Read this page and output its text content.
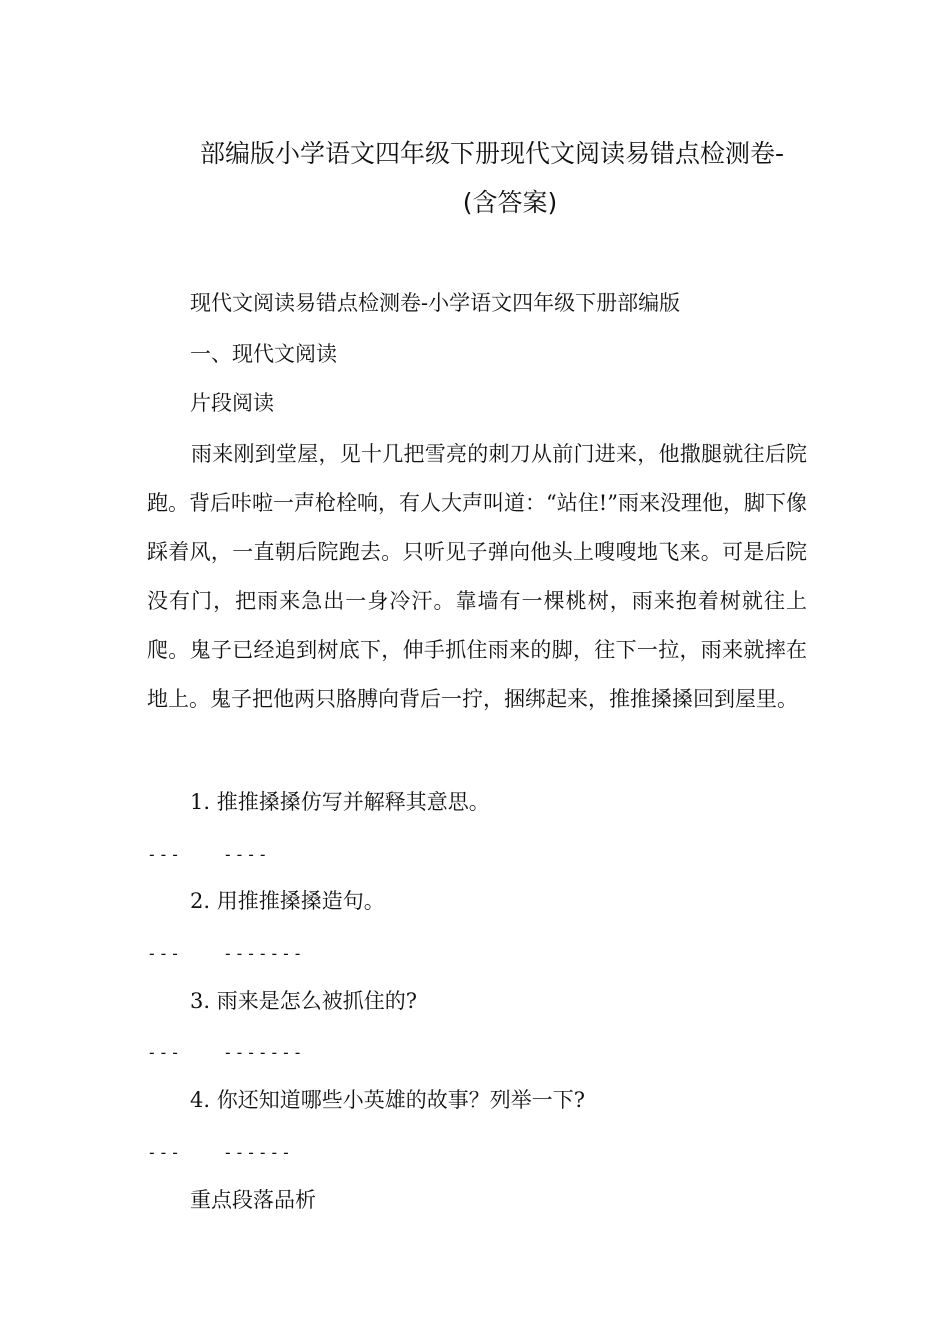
部编版小学语文四年级下册现代文阅读易错点检测卷-
(含答案)
现代文阅读易错点检测卷-小学语文四年级下册部编版
一、现代文阅读
片段阅读
雨来刚到堂屋，见十几把雪亮的刺刀从前门进来，他撒腿就往后院跑。背后咔啦一声枪栓响，有人大声叫道：“站住!”雨来没理他，脚下像踩着风，一直朝后院跑去。只听见子弹向他头上嗖嗖地飞来。可是后院没有门，把雨来急出一身冷汗。靠墙有一棵桃树，雨来抱着树就往上爬。鬼子已经追到树底下，伸手抓住雨来的脚，往下一拉，雨来就摔在地上。鬼子把他两只胳膊向背后一拧，捆绑起来，推推搡搡回到屋里。
1. 推推搡搡仿写并解释其意思。
---	----
2. 用推推搡搡造句。
---	-------
3. 雨来是怎么被抓住的?
---	-------
4. 你还知道哪些小英雄的故事？列举一下?
---	------
重点段落品析
